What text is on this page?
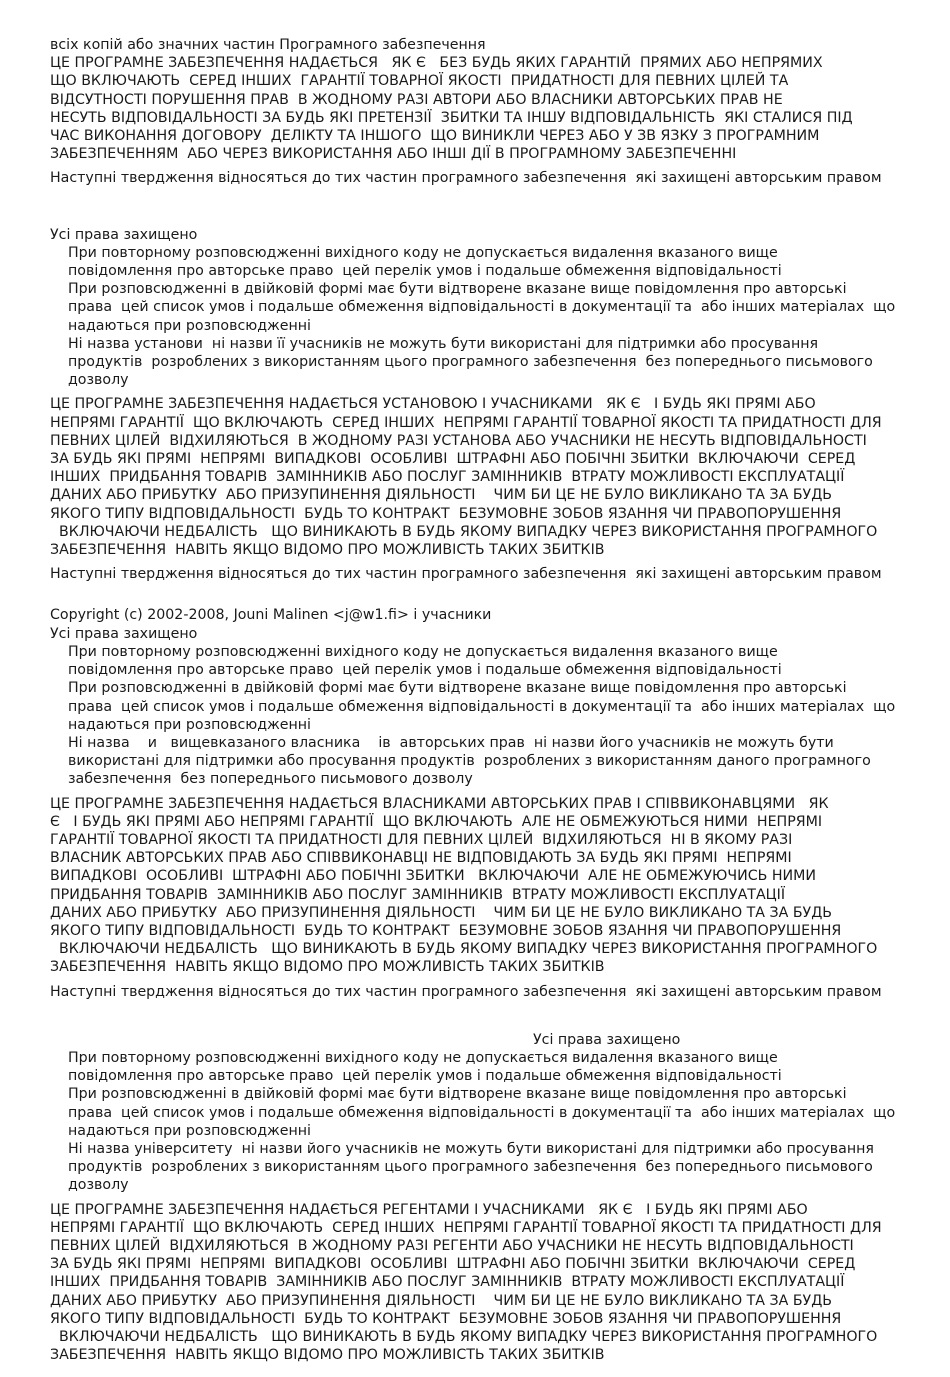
всіх копій або значних частин Програмного забезпечення
ЦЕ ПРОГРАМНЕ ЗАБЕЗПЕЧЕННЯ НАДАЄТЬСЯ   ЯК Є   БЕЗ БУДЬ ЯКИХ ГАРАНТІЙ  ПРЯМИХ АБО НЕПРЯМИХ
ЩО ВКЛЮЧАЮТЬ  СЕРЕД ІНШИХ  ГАРАНТІЇ ТОВАРНОЇ ЯКОСТІ  ПРИДАТНОСТІ ДЛЯ ПЕВНИХ ЦІЛЕЙ ТА
ВІДСУТНОСТІ ПОРУШЕННЯ ПРАВ  В ЖОДНОМУ РАЗІ АВТОРИ АБО ВЛАСНИКИ АВТОРСЬКИХ ПРАВ НЕ
НЕСУТЬ ВІДПОВІДАЛЬНОСТІ ЗА БУДЬ ЯКІ ПРЕТЕНЗІЇ  ЗБИТКИ ТА ІНШУ ВІДПОВІДАЛЬНІСТЬ  ЯКІ СТАЛИСЯ ПІД
ЧАС ВИКОНАННЯ ДОГОВОРУ  ДЕЛІКТУ ТА ІНШОГО  ЩО ВИНИКЛИ ЧЕРЕЗ АБО У ЗВ ЯЗКУ З ПРОГРАМНИМ
ЗАБЕЗПЕЧЕННЯМ  АБО ЧЕРЕЗ ВИКОРИСТАННЯ АБО ІНШІ ДІЇ В ПРОГРАМНОМУ ЗАБЕЗПЕЧЕННІ
Наступні твердження відносяться до тих частин програмного забезпечення  які захищені авторським правом
Усі права захищено
При повторному розповсюдженні вихідного коду не допускається видалення вказаного вище
повідомлення про авторське право  цей перелік умов і подальше обмеження відповідальності
При розповсюдженні в двійковій формі має бути відтворене вказане вище повідомлення про авторські
права  цей список умов і подальше обмеження відповідальності в документації та  або інших матеріалах  що
надаються при розповсюдженні
Ні назва установи  ні назви її учасників не можуть бути використані для підтримки або просування
продуктів  розроблених з використанням цього програмного забезпечення  без попереднього письмового
дозволу
ЦЕ ПРОГРАМНЕ ЗАБЕЗПЕЧЕННЯ НАДАЄТЬСЯ УСТАНОВОЮ І УЧАСНИКАМИ   ЯК Є   І БУДЬ ЯКІ ПРЯМІ АБО
НЕПРЯМІ ГАРАНТІЇ  ЩО ВКЛЮЧАЮТЬ  СЕРЕД ІНШИХ  НЕПРЯМІ ГАРАНТІЇ ТОВАРНОЇ ЯКОСТІ ТА ПРИДАТНОСТІ ДЛЯ
ПЕВНИХ ЦІЛЕЙ  ВІДХИЛЯЮТЬСЯ  В ЖОДНОМУ РАЗІ УСТАНОВА АБО УЧАСНИКИ НЕ НЕСУТЬ ВІДПОВІДАЛЬНОСТІ
ЗА БУДЬ ЯКІ ПРЯМІ  НЕПРЯМІ  ВИПАДКОВІ  ОСОБЛИВІ  ШТРАФНІ АБО ПОБІЧНІ ЗБИТКИ  ВКЛЮЧАЮЧИ  СЕРЕД
ІНШИХ  ПРИДБАННЯ ТОВАРІВ  ЗАМІННИКІВ АБО ПОСЛУГ ЗАМІННИКІВ  ВТРАТУ МОЖЛИВОСТІ ЕКСПЛУАТАЦІЇ
ДАНИХ АБО ПРИБУТКУ  АБО ПРИЗУПИНЕННЯ ДІЯЛЬНОСТІ    ЧИМ БИ ЦЕ НЕ БУЛО ВИКЛИКАНО ТА ЗА БУДЬ
ЯКОГО ТИПУ ВІДПОВІДАЛЬНОСТІ  БУДЬ ТО КОНТРАКТ  БЕЗУМОВНЕ ЗОБОВ ЯЗАННЯ ЧИ ПРАВОПОРУШЕННЯ
ВКЛЮЧАЮЧИ НЕДБАЛІСТЬ   ЩО ВИНИКАЮТЬ В БУДЬ ЯКОМУ ВИПАДКУ ЧЕРЕЗ ВИКОРИСТАННЯ ПРОГРАМНОГО
ЗАБЕЗПЕЧЕННЯ  НАВІТЬ ЯКЩО ВІДОМО ПРО МОЖЛИВІСТЬ ТАКИХ ЗБИТКІВ
Наступні твердження відносяться до тих частин програмного забезпечення  які захищені авторським правом
Copyright (c) 2002-2008, Jouni Malinen <j@w1.fi> і учасники
Усі права захищено
При повторному розповсюдженні вихідного коду не допускається видалення вказаного вище
повідомлення про авторське право  цей перелік умов і подальше обмеження відповідальності
При розповсюдженні в двійковій формі має бути відтворене вказане вище повідомлення про авторські
права  цей список умов і подальше обмеження відповідальності в документації та  або інших матеріалах  що
надаються при розповсюдженні
Ні назва    и   вищевказаного власника    ів  авторських прав  ні назви його учасників не можуть бути
використані для підтримки або просування продуктів  розроблених з використанням даного програмного
забезпечення  без попереднього письмового дозволу
ЦЕ ПРОГРАМНЕ ЗАБЕЗПЕЧЕННЯ НАДАЄТЬСЯ ВЛАСНИКАМИ АВТОРСЬКИХ ПРАВ І СПІВВИКОНАВЦЯМИ   ЯК
Є   І БУДЬ ЯКІ ПРЯМІ АБО НЕПРЯМІ ГАРАНТІЇ  ЩО ВКЛЮЧАЮТЬ  АЛЕ НЕ ОБМЕЖУЮТЬСЯ НИМИ  НЕПРЯМІ
ГАРАНТІЇ ТОВАРНОЇ ЯКОСТІ ТА ПРИДАТНОСТІ ДЛЯ ПЕВНИХ ЦІЛЕЙ  ВІДХИЛЯЮТЬСЯ  НІ В ЯКОМУ РАЗІ
ВЛАСНИК АВТОРСЬКИХ ПРАВ АБО СПІВВИКОНАВЦІ НЕ ВІДПОВІДАЮТЬ ЗА БУДЬ ЯКІ ПРЯМІ  НЕПРЯМІ
ВИПАДКОВІ  ОСОБЛИВІ  ШТРАФНІ АБО ПОБІЧНІ ЗБИТКИ   ВКЛЮЧАЮЧИ  АЛЕ НЕ ОБМЕЖУЮЧИСЬ НИМИ
ПРИДБАННЯ ТОВАРІВ  ЗАМІННИКІВ АБО ПОСЛУГ ЗАМІННИКІВ  ВТРАТУ МОЖЛИВОСТІ ЕКСПЛУАТАЦІЇ
ДАНИХ АБО ПРИБУТКУ  АБО ПРИЗУПИНЕННЯ ДІЯЛЬНОСТІ    ЧИМ БИ ЦЕ НЕ БУЛО ВИКЛИКАНО ТА ЗА БУДЬ
ЯКОГО ТИПУ ВІДПОВІДАЛЬНОСТІ  БУДЬ ТО КОНТРАКТ  БЕЗУМОВНЕ ЗОБОВ ЯЗАННЯ ЧИ ПРАВОПОРУШЕННЯ
ВКЛЮЧАЮЧИ НЕДБАЛІСТЬ   ЩО ВИНИКАЮТЬ В БУДЬ ЯКОМУ ВИПАДКУ ЧЕРЕЗ ВИКОРИСТАННЯ ПРОГРАМНОГО
ЗАБЕЗПЕЧЕННЯ  НАВІТЬ ЯКЩО ВІДОМО ПРО МОЖЛИВІСТЬ ТАКИХ ЗБИТКІВ
Наступні твердження відносяться до тих частин програмного забезпечення  які захищені авторським правом
Усі права захищено
При повторному розповсюдженні вихідного коду не допускається видалення вказаного вище
повідомлення про авторське право  цей перелік умов і подальше обмеження відповідальності
При розповсюдженні в двійковій формі має бути відтворене вказане вище повідомлення про авторські
права  цей список умов і подальше обмеження відповідальності в документації та  або інших матеріалах  що
надаються при розповсюдженні
Ні назва університету  ні назви його учасників не можуть бути використані для підтримки або просування
продуктів  розроблених з використанням цього програмного забезпечення  без попереднього письмового
дозволу
ЦЕ ПРОГРАМНЕ ЗАБЕЗПЕЧЕННЯ НАДАЄТЬСЯ РЕГЕНТАМИ І УЧАСНИКАМИ   ЯК Є   І БУДЬ ЯКІ ПРЯМІ АБО
НЕПРЯМІ ГАРАНТІЇ  ЩО ВКЛЮЧАЮТЬ  СЕРЕД ІНШИХ  НЕПРЯМІ ГАРАНТІЇ ТОВАРНОЇ ЯКОСТІ ТА ПРИДАТНОСТІ ДЛЯ
ПЕВНИХ ЦІЛЕЙ  ВІДХИЛЯЮТЬСЯ  В ЖОДНОМУ РАЗІ РЕГЕНТИ АБО УЧАСНИКИ НЕ НЕСУТЬ ВІДПОВІДАЛЬНОСТІ
ЗА БУДЬ ЯКІ ПРЯМІ  НЕПРЯМІ  ВИПАДКОВІ  ОСОБЛИВІ  ШТРАФНІ АБО ПОБІЧНІ ЗБИТКИ  ВКЛЮЧАЮЧИ  СЕРЕД
ІНШИХ  ПРИДБАННЯ ТОВАРІВ  ЗАМІННИКІВ АБО ПОСЛУГ ЗАМІННИКІВ  ВТРАТУ МОЖЛИВОСТІ ЕКСПЛУАТАЦІЇ
ДАНИХ АБО ПРИБУТКУ  АБО ПРИЗУПИНЕННЯ ДІЯЛЬНОСТІ    ЧИМ БИ ЦЕ НЕ БУЛО ВИКЛИКАНО ТА ЗА БУДЬ
ЯКОГО ТИПУ ВІДПОВІДАЛЬНОСТІ  БУДЬ ТО КОНТРАКТ  БЕЗУМОВНЕ ЗОБОВ ЯЗАННЯ ЧИ ПРАВОПОРУШЕННЯ
ВКЛЮЧАЮЧИ НЕДБАЛІСТЬ   ЩО ВИНИКАЮТЬ В БУДЬ ЯКОМУ ВИПАДКУ ЧЕРЕЗ ВИКОРИСТАННЯ ПРОГРАМНОГО
ЗАБЕЗПЕЧЕННЯ  НАВІТЬ ЯКЩО ВІДОМО ПРО МОЖЛИВІСТЬ ТАКИХ ЗБИТКІВ
